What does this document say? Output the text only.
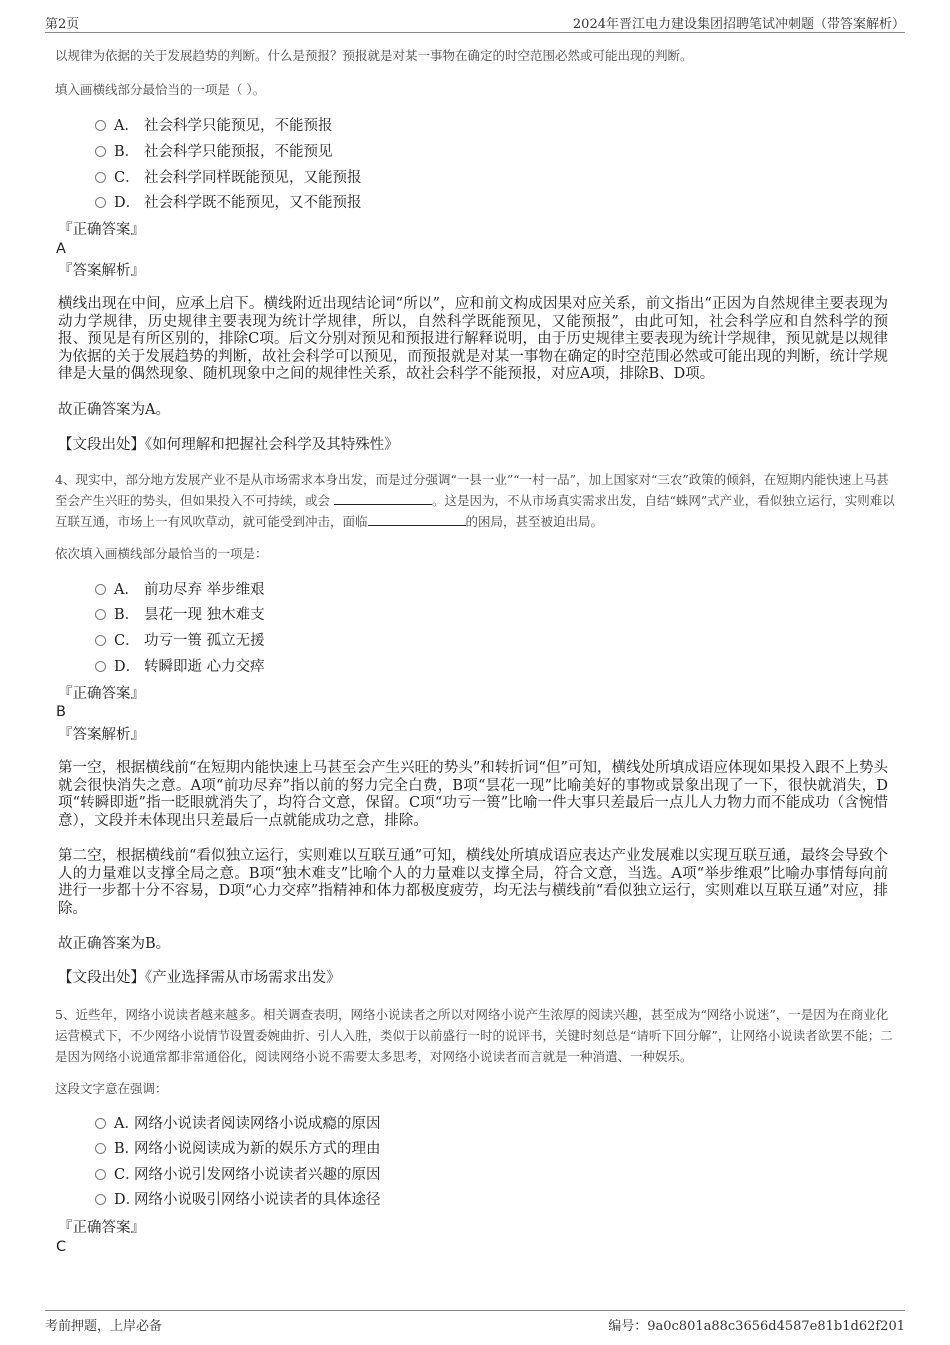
第2页	2024年晋江电力建设集团招聘笔试冲刺题（带答案解析）
以规律为依据的关于发展趋势的判断。什么是预报？预报就是对某一事物在确定的时空范围必然或可能出现的判断。
填入画横线部分最恰当的一项是（ ）。
A． 社会科学只能预见，不能预报
B． 社会科学只能预报，不能预见
C． 社会科学同样既能预见，又能预报
D． 社会科学既不能预见，又不能预报
『正确答案』
A
『答案解析』
横线出现在中间，应承上启下。横线附近出现结论词“所以”，应和前文构成因果对应关系，前文指出“正因为自然规律主要表现为动力学规律，历史规律主要表现为统计学规律，所以，自然科学既能预见，又能预报”，由此可知，社会科学应和自然科学的预报、预见是有所区别的，排除C项。后文分别对预见和预报进行解释说明，由于历史规律主要表现为统计学规律，预见就是以规律为依据的关于发展趋势的判断，故社会科学可以预见，而预报就是对某一事物在确定的时空范围必然或可能出现的判断，统计学规律是大量的偶然现象、随机现象中之间的规律性关系，故社会科学不能预报，对应A项，排除B、D项。
故正确答案为A。
【文段出处】《如何理解和把握社会科学及其特殊性》
4、现实中，部分地方发展产业不是从市场需求本身出发，而是过分强调“一县一业”“一村一品”，加上国家对“三农”政策的倾斜，在短期内能快速上马甚至会产生兴旺的势头，但如果投入不可持续，或会	。这是因为，不从市场真实需求出发，自结“蛛网”式产业，看似独立运行，实则难以互联互通，市场上一有风吹草动，就可能受到冲击，面临	的困局，甚至被迫出局。
依次填入画横线部分最恰当的一项是：
A． 前功尽弃 举步维艰
B． 昙花一现 独木难支
C． 功亏一篑 孤立无援
D． 转瞬即逝 心力交瘁
『正确答案』
B
『答案解析』
第一空，根据横线前“在短期内能快速上马甚至会产生兴旺的势头”和转折词“但”可知，横线处所填成语应体现如果投入跟不上势头就会很快消失之意。A项“前功尽弃”指以前的努力完全白费，B项“昙花一现”比喻美好的事物或景象出现了一下，很快就消失，D项“转瞬即逝”指一眨眼就消失了，均符合文意，保留。C项“功亏一篑”比喻一件大事只差最后一点儿人力物力而不能成功（含惋惜意），文段并未体现出只差最后一点就能成功之意，排除。
第二空，根据横线前“看似独立运行，实则难以互联互通”可知，横线处所填成语应表达产业发展难以实现互联互通，最终会导致个人的力量难以支撑全局之意。B项“独木难支”比喻个人的力量难以支撑全局，符合文意，当选。A项“举步维艰”比喻办事情每向前进行一步都十分不容易，D项“心力交瘁”指精神和体力都极度疲劳，均无法与横线前“看似独立运行，实则难以互联互通”对应，排除。
故正确答案为B。
【文段出处】《产业选择需从市场需求出发》
5、近些年，网络小说读者越来越多。相关调查表明，网络小说读者之所以对网络小说产生浓厚的阅读兴趣，甚至成为“网络小说迷”，一是因为在商业化运营模式下，不少网络小说情节设置委婉曲折、引人入胜，类似于以前盛行一时的说评书，关键时刻总是“请听下回分解”，让网络小说读者欲罢不能；二是因为网络小说通常都非常通俗化，阅读网络小说不需要太多思考，对网络小说读者而言就是一种消遣、一种娱乐。
这段文字意在强调：
A．网络小说读者阅读网络小说成瘾的原因
B．网络小说阅读成为新的娱乐方式的理由
C．网络小说引发网络小说读者兴趣的原因
D．网络小说吸引网络小说读者的具体途径
『正确答案』
C
考前押题，上岸必备	编号：9a0c801a88c3656d4587e81b1d62f201
